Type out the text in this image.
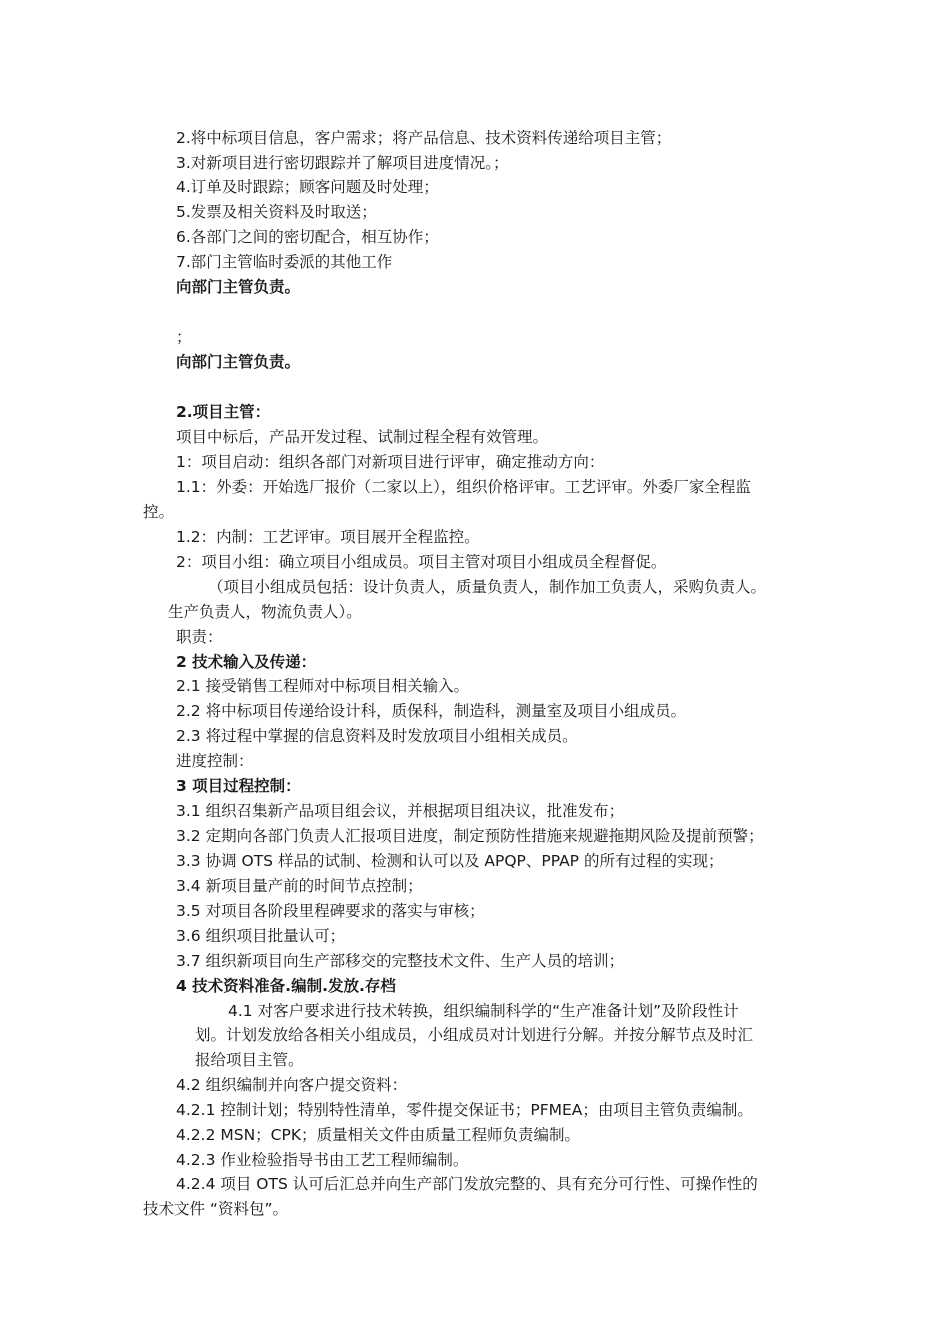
2.将中标项目信息，客户需求；将产品信息、技术资料传递给项目主管；
3.对新项目进行密切跟踪并了解项目进度情况。；
4.订单及时跟踪；顾客问题及时处理；
5.发票及相关资料及时取送；
6.各部门之间的密切配合，相互协作；
7.部门主管临时委派的其他工作
向部门主管负责。
；
向部门主管负责。
2.项目主管：
项目中标后，产品开发过程、试制过程全程有效管理。
1：项目启动：组织各部门对新项目进行评审，确定推动方向：
1.1：外委：开始选厂报价（二家以上），组织价格评审。工艺评审。外委厂家全程监
控。
1.2：内制：工艺评审。项目展开全程监控。
2：项目小组：确立项目小组成员。项目主管对项目小组成员全程督促。
（项目小组成员包括：设计负责人，质量负责人，制作加工负责人，采购负责人。
生产负责人，物流负责人）。
职责：
2 技术输入及传递：
2.1 接受销售工程师对中标项目相关输入。
2.2 将中标项目传递给设计科，质保科，制造科，测量室及项目小组成员。
2.3 将过程中掌握的信息资料及时发放项目小组相关成员。
进度控制：
3 项目过程控制：
3.1 组织召集新产品项目组会议，并根据项目组决议，批准发布；
3.2 定期向各部门负责人汇报项目进度，制定预防性措施来规避拖期风险及提前预警；
3.3 协调 OTS 样品的试制、检测和认可以及 APQP、PPAP 的所有过程的实现；
3.4 新项目量产前的时间节点控制；
3.5 对项目各阶段里程碑要求的落实与审核；
3.6 组织项目批量认可；
3.7 组织新项目向生产部移交的完整技术文件、生产人员的培训；
4 技术资料准备.编制.发放.存档
4.1 对客户要求进行技术转换，组织编制科学的“生产准备计划”及阶段性计
划。计划发放给各相关小组成员，小组成员对计划进行分解。并按分解节点及时汇
报给项目主管。
4.2 组织编制并向客户提交资料：
4.2.1 控制计划；特别特性清单，零件提交保证书；PFMEA；由项目主管负责编制。
4.2.2 MSN；CPK；质量相关文件由质量工程师负责编制。
4.2.3 作业检验指导书由工艺工程师编制。
4.2.4 项目 OTS 认可后汇总并向生产部门发放完整的、具有充分可行性、可操作性的
技术文件 “资料包”。
